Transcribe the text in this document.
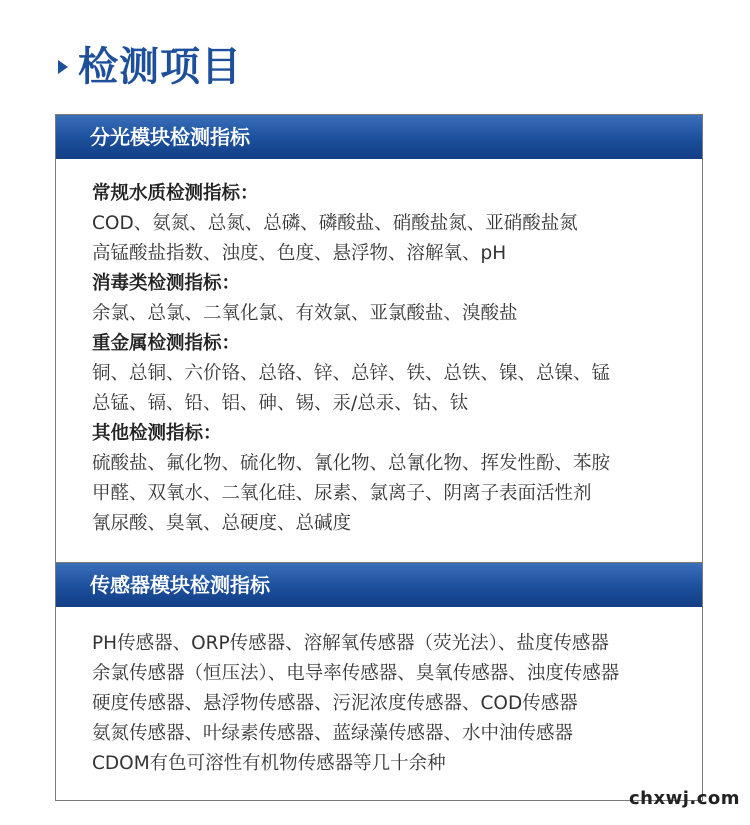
检测项目
分光模块检测指标
常规水质检测指标：
COD、氨氮、总氮、总磷、磷酸盐、硝酸盐氮、亚硝酸盐氮
高锰酸盐指数、浊度、色度、悬浮物、溶解氧、pH
消毒类检测指标：
余氯、总氯、二氧化氯、有效氯、亚氯酸盐、溴酸盐
重金属检测指标：
铜、总铜、六价铬、总铬、锌、总锌、铁、总铁、镍、总镍、锰
总锰、镉、铅、铝、砷、锡、汞/总汞、钴、钛
其他检测指标：
硫酸盐、氟化物、硫化物、氰化物、总氰化物、挥发性酚、苯胺
甲醛、双氧水、二氧化硅、尿素、氯离子、阴离子表面活性剂
氰尿酸、臭氧、总硬度、总碱度
传感器模块检测指标
PH传感器、ORP传感器、溶解氧传感器（荧光法）、盐度传感器
余氯传感器（恒压法）、电导率传感器、臭氧传感器、浊度传感器
硬度传感器、悬浮物传感器、污泥浓度传感器、COD传感器
氨氮传感器、叶绿素传感器、蓝绿藻传感器、水中油传感器
CDOM有色可溶性有机物传感器等几十余种
chxwj.com
